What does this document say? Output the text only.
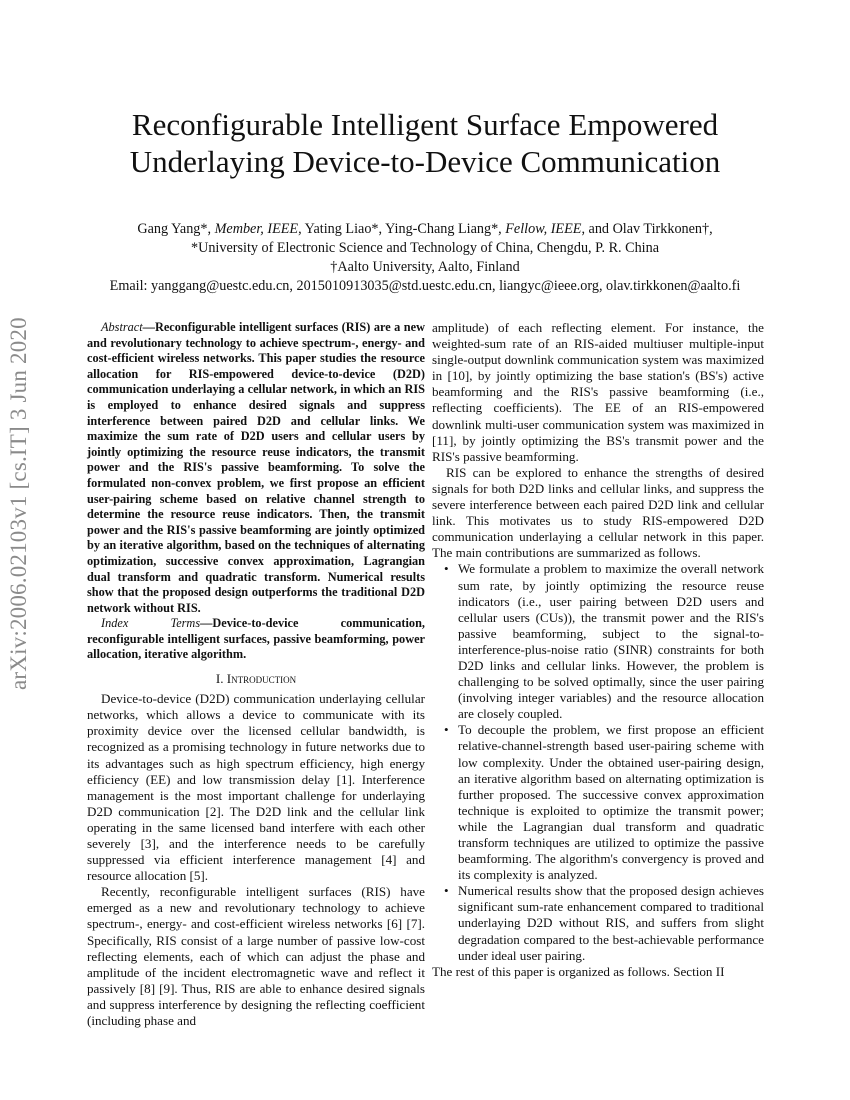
arXiv:2006.02103v1 [cs.IT] 3 Jun 2020
Reconfigurable Intelligent Surface Empowered
Underlaying Device-to-Device Communication
Gang Yang*, Member, IEEE, Yating Liao*, Ying-Chang Liang*, Fellow, IEEE, and Olav Tirkkonen†,
*University of Electronic Science and Technology of China, Chengdu, P. R. China
†Aalto University, Aalto, Finland
Email: yanggang@uestc.edu.cn, 2015010913035@std.uestc.edu.cn, liangyc@ieee.org, olav.tirkkonen@aalto.fi

Abstract—Reconfigurable intelligent surfaces (RIS) are a new and revolutionary technology to achieve spectrum-, energy- and cost-efficient wireless networks. This paper studies the resource allocation for RIS-empowered device-to-device (D2D) communication underlaying a cellular network, in which an RIS is employed to enhance desired signals and suppress interference between paired D2D and cellular links. We maximize the sum rate of D2D users and cellular users by jointly optimizing the resource reuse indicators, the transmit power and the RIS's passive beamforming. To solve the formulated non-convex problem, we first propose an efficient user-pairing scheme based on relative channel strength to determine the resource reuse indicators. Then, the transmit power and the RIS's passive beamforming are jointly optimized by an iterative algorithm, based on the techniques of alternating optimization, successive convex approximation, Lagrangian dual transform and quadratic transform. Numerical results show that the proposed design outperforms the traditional D2D network without RIS.

Index Terms—Device-to-device communication, reconfigurable intelligent surfaces, passive beamforming, power allocation, iterative algorithm.

I. Introduction

Device-to-device (D2D) communication underlaying cellular networks, which allows a device to communicate with its proximity device over the licensed cellular bandwidth, is recognized as a promising technology in future networks due to its advantages such as high spectrum efficiency, high energy efficiency (EE) and low transmission delay [1]. Interference management is the most important challenge for underlaying D2D communication [2]. The D2D link and the cellular link operating in the same licensed band interfere with each other severely [3], and the interference needs to be carefully suppressed via efficient interference management [4] and resource allocation [5].

Recently, reconfigurable intelligent surfaces (RIS) have emerged as a new and revolutionary technology to achieve spectrum-, energy- and cost-efficient wireless networks [6] [7]. Specifically, RIS consist of a large number of passive low-cost reflecting elements, each of which can adjust the phase and amplitude of the incident electromagnetic wave and reflect it passively [8] [9]. Thus, RIS are able to enhance desired signals and suppress interference by designing the reflecting coefficient (including phase and

amplitude) of each reflecting element. For instance, the weighted-sum rate of an RIS-aided multiuser multiple-input single-output downlink communication system was maximized in [10], by jointly optimizing the base station's (BS's) active beamforming and the RIS's passive beamforming (i.e., reflecting coefficients). The EE of an RIS-empowered downlink multi-user communication system was maximized in [11], by jointly optimizing the BS's transmit power and the RIS's passive beamforming.

RIS can be explored to enhance the strengths of desired signals for both D2D links and cellular links, and suppress the severe interference between each paired D2D link and cellular link. This motivates us to study RIS-empowered D2D communication underlaying a cellular network in this paper. The main contributions are summarized as follows.

• We formulate a problem to maximize the overall network sum rate, by jointly optimizing the resource reuse indicators (i.e., user pairing between D2D users and cellular users (CUs)), the transmit power and the RIS's passive beamforming, subject to the signal-to-interference-plus-noise ratio (SINR) constraints for both D2D links and cellular links. However, the problem is challenging to be solved optimally, since the user pairing (involving integer variables) and the resource allocation are closely coupled.
• To decouple the problem, we first propose an efficient relative-channel-strength based user-pairing scheme with low complexity. Under the obtained user-pairing design, an iterative algorithm based on alternating optimization is further proposed. The successive convex approximation technique is exploited to optimize the transmit power; while the Lagrangian dual transform and quadratic transform techniques are utilized to optimize the passive beamforming. The algorithm's convergency is proved and its complexity is analyzed.
• Numerical results show that the proposed design achieves significant sum-rate enhancement compared to traditional underlaying D2D without RIS, and suffers from slight degradation compared to the best-achievable performance under ideal user pairing.

The rest of this paper is organized as follows. Section II
